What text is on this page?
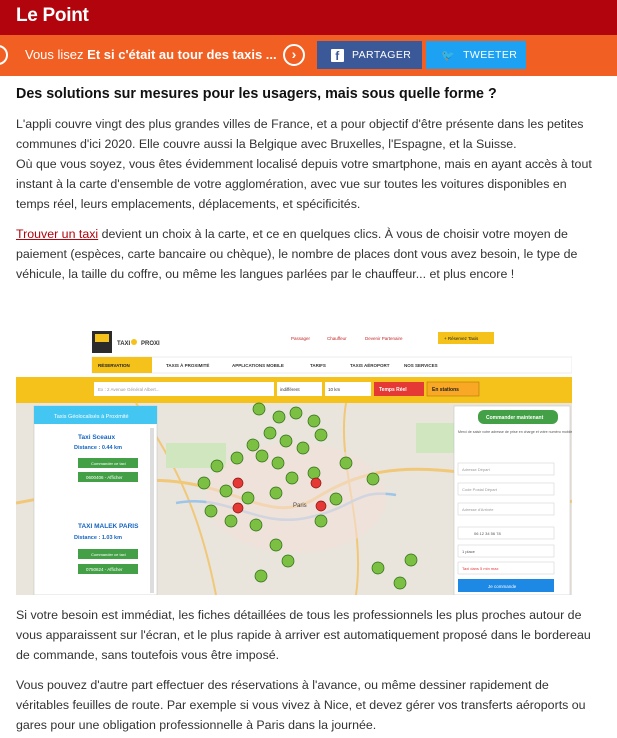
Le Point
Vous lisez Et si c'était au tour des taxis ...	›	f	PARTAGER	🐦 TWEETER
Des solutions sur mesures pour les usagers, mais sous quelle forme ?
L'appli couvre vingt des plus grandes villes de France, et a pour objectif d'être présente dans les petites communes d'ici 2020. Elle couvre aussi la Belgique avec Bruxelles, l'Espagne, et la Suisse.
Où que vous soyez, vous êtes évidemment localisé depuis votre smartphone, mais en ayant accès à tout instant à la carte d'ensemble de votre agglomération, avec vue sur toutes les voitures disponibles en temps réel, leurs emplacements, déplacements, et spécificités.
Trouver un taxi devient un choix à la carte, et ce en quelques clics. À vous de choisir votre moyen de paiement (espèces, carte bancaire ou chèque), le nombre de places dont vous avez besoin, le type de véhicule, la taille du coffre, ou même les langues parlées par le chauffeur... et plus encore !
TAXI PROXI
Passager	Chauffeur	Devenir Partenaire	+ Réservez Taxis
RÉSERVATION	TAXIS À PROXIMITÉ	APPLICATIONS MOBILE	TARIFS	TAXIS AÉROPORT	NOS SERVICES
Ex : 2 Avenue Général Albert...	indifférent	10 km	Temps Réel	En stations
Paris
Taxis Géolocalisés à Proximité
Taxi Sceaux
Distance : 0.44 km
Commander ce taxi
0600406 - Afficher
TAXI MALEK PARIS
Distance : 1.03 km
Commander ce taxi
0750624 - Afficher
Commander maintenant
Merci de saisir votre adresse de prise en charge et votre numéro mobile
Adresse Départ
Code Postal Départ
Adresse d'Arrivée
06 12 34 56 78
1 place
Taxi dans 5 min max
Je commande
Si votre besoin est immédiat, les fiches détaillées de tous les professionnels les plus proches autour de vous apparaissent sur l'écran, et le plus rapide à arriver est automatiquement proposé dans le bordereau de commande, sans toutefois vous être imposé.
Vous pouvez d'autre part effectuer des réservations à l'avance, ou même dessiner rapidement de véritables feuilles de route. Par exemple si vous vivez à Nice, et devez gérer vos transferts aéroports ou gares pour une obligation professionnelle à Paris dans la journée.
